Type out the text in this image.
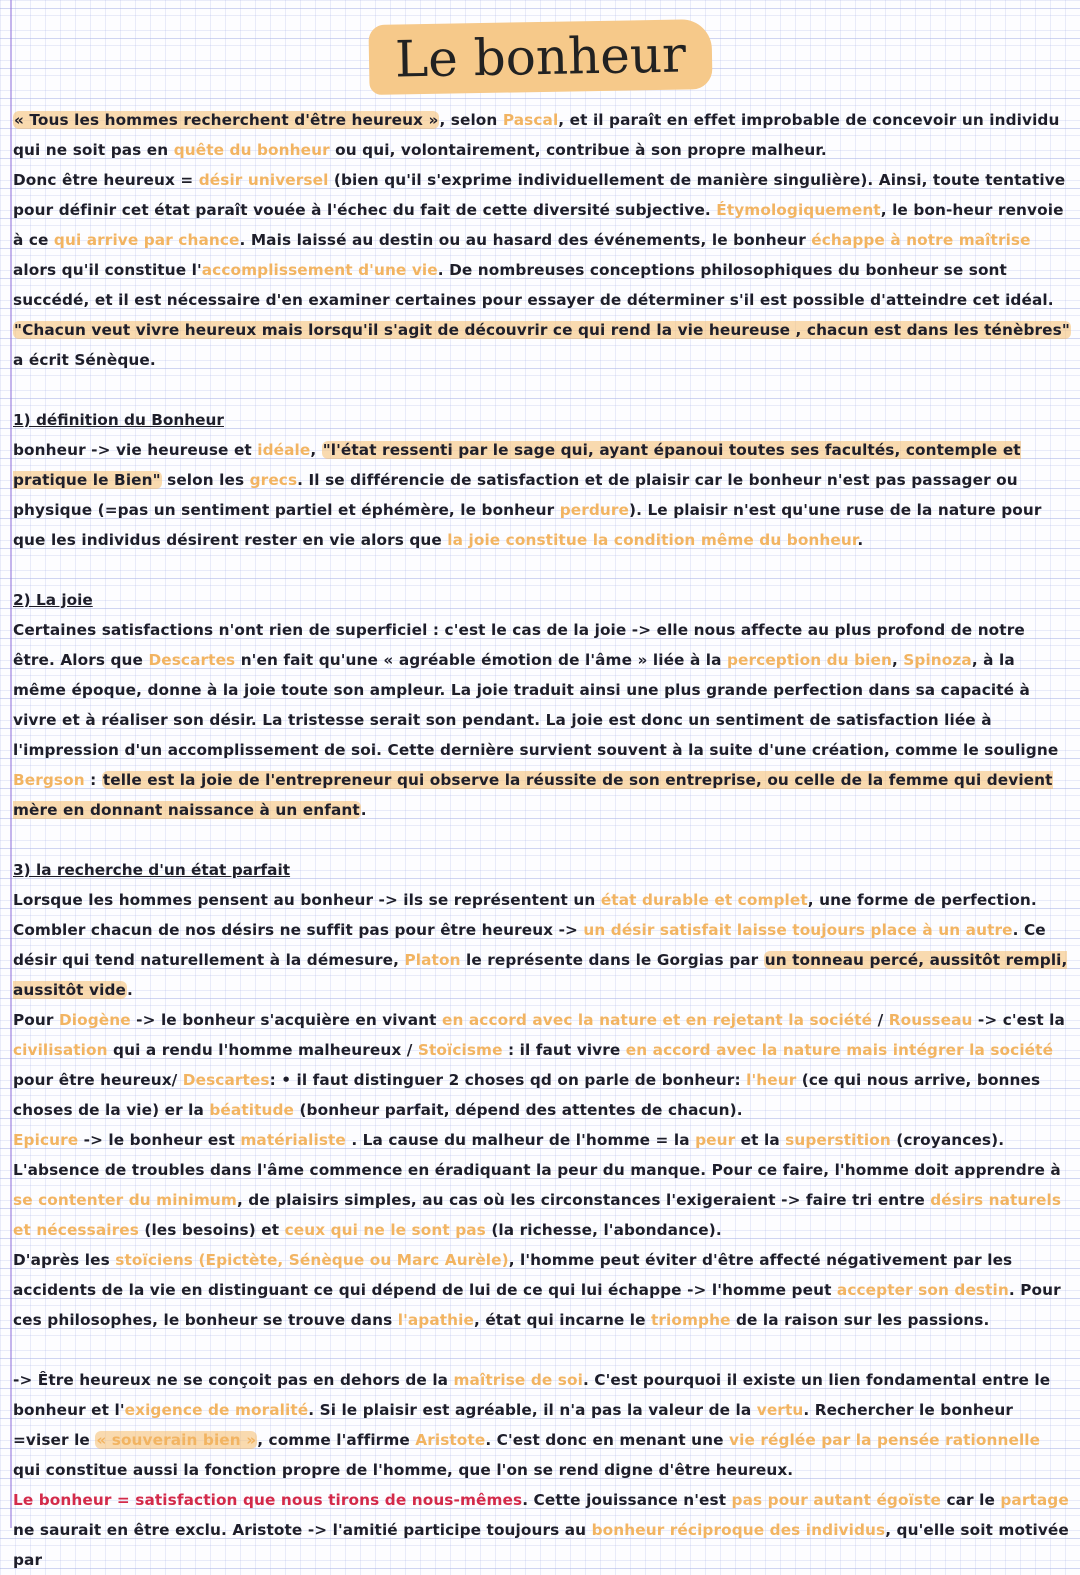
Le bonheur

« Tous les hommes recherchent d'être heureux », selon Pascal, et il paraît en effet improbable de concevoir un individu qui ne soit pas en quête du bonheur ou qui, volontairement, contribue à son propre malheur.
Donc être heureux = désir universel (bien qu'il s'exprime individuellement de manière singulière). Ainsi, toute tentative pour définir cet état paraît vouée à l'échec du fait de cette diversité subjective. Étymologiquement, le bon-heur renvoie à ce qui arrive par chance. Mais laissé au destin ou au hasard des événements, le bonheur échappe à notre maîtrise alors qu'il constitue l'accomplissement d'une vie. De nombreuses conceptions philosophiques du bonheur se sont succédé, et il est nécessaire d'en examiner certaines pour essayer de déterminer s'il est possible d'atteindre cet idéal. "Chacun veut vivre heureux mais lorsqu'il s'agit de découvrir ce qui rend la vie heureuse , chacun est dans les ténèbres" a écrit Sénèque.

1) définition du Bonheur

bonheur -> vie heureuse et idéale, "l'état ressenti par le sage qui, ayant épanoui toutes ses facultés, contemple et pratique le Bien" selon les grecs. Il se différencie de satisfaction et de plaisir car le bonheur n'est pas passager ou physique (=pas un sentiment partiel et éphémère, le bonheur perdure). Le plaisir n'est qu'une ruse de la nature pour que les individus désirent rester en vie alors que la joie constitue la condition même du bonheur.

2) La joie

Certaines satisfactions n'ont rien de superficiel : c'est le cas de la joie -> elle nous affecte au plus profond de notre être. Alors que Descartes n'en fait qu'une « agréable émotion de l'âme » liée à la perception du bien, Spinoza, à la même époque, donne à la joie toute son ampleur. La joie traduit ainsi une plus grande perfection dans sa capacité à vivre et à réaliser son désir. La tristesse serait son pendant. La joie est donc un sentiment de satisfaction liée à l'impression d'un accomplissement de soi. Cette dernière survient souvent à la suite d'une création, comme le souligne Bergson : telle est la joie de l'entrepreneur qui observe la réussite de son entreprise, ou celle de la femme qui devient mère en donnant naissance à un enfant.

3) la recherche d'un état parfait

Lorsque les hommes pensent au bonheur -> ils se représentent un état durable et complet, une forme de perfection. Combler chacun de nos désirs ne suffit pas pour être heureux -> un désir satisfait laisse toujours place à un autre. Ce désir qui tend naturellement à la démesure, Platon le représente dans le Gorgias par un tonneau percé, aussitôt rempli, aussitôt vide.
Pour Diogène -> le bonheur s'acquière en vivant en accord avec la nature et en rejetant la société / Rousseau -> c'est la civilisation qui a rendu l'homme malheureux / Stoïcisme : il faut vivre en accord avec la nature mais intégrer la société pour être heureux/ Descartes: • il faut distinguer 2 choses qd on parle de bonheur: l'heur (ce qui nous arrive, bonnes choses de la vie) er la béatitude (bonheur parfait, dépend des attentes de chacun).
Epicure -> le bonheur est matérialiste . La cause du malheur de l'homme = la peur et la superstition (croyances). L'absence de troubles dans l'âme commence en éradiquant la peur du manque. Pour ce faire, l'homme doit apprendre à se contenter du minimum, de plaisirs simples, au cas où les circonstances l'exigeraient -> faire tri entre désirs naturels et nécessaires (les besoins) et ceux qui ne le sont pas (la richesse, l'abondance).
D'après les stoïciens (Epictète, Sénèque ou Marc Aurèle), l'homme peut éviter d'être affecté négativement par les accidents de la vie en distinguant ce qui dépend de lui de ce qui lui échappe -> l'homme peut accepter son destin. Pour ces philosophes, le bonheur se trouve dans l'apathie, état qui incarne le triomphe de la raison sur les passions.

-> Être heureux ne se conçoit pas en dehors de la maîtrise de soi. C'est pourquoi il existe un lien fondamental entre le bonheur et l'exigence de moralité. Si le plaisir est agréable, il n'a pas la valeur de la vertu. Rechercher le bonheur =viser le « souverain bien », comme l'affirme Aristote. C'est donc en menant une vie réglée par la pensée rationnelle qui constitue aussi la fonction propre de l'homme, que l'on se rend digne d'être heureux.
Le bonheur = satisfaction que nous tirons de nous-mêmes. Cette jouissance n'est pas pour autant égoïste car le partage ne saurait en être exclu. Aristote -> l'amitié participe toujours au bonheur réciproque des individus, qu'elle soit motivée par
